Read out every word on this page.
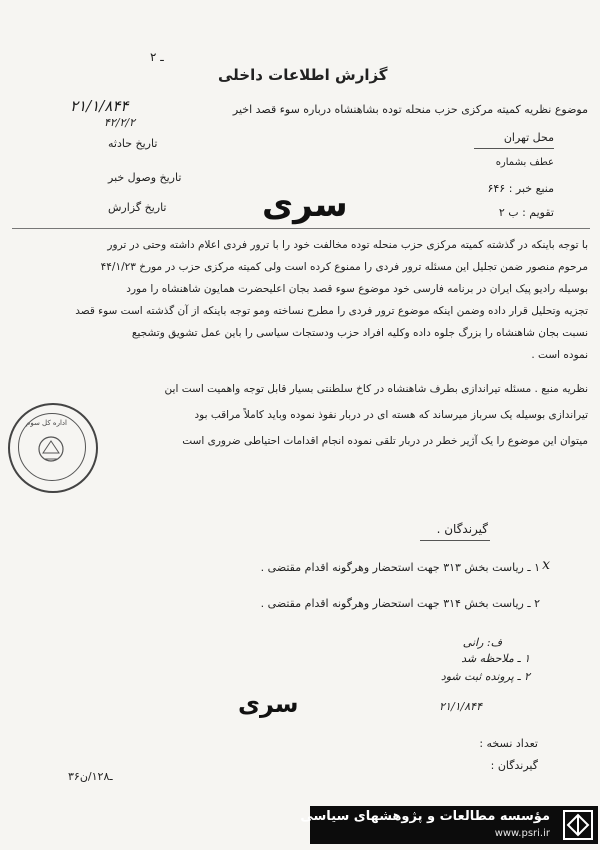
ـ ۲
گزارش اطلاعات داخلی
موضوع نظریه کمیته مرکزی حزب منحله توده بشاهنشاه درباره سوء قصد اخیر
۲۱/۱/۸۴۴
۴۲/۲/۲
تاریخ حادثه	محل تهران
عطف بشماره
تاریخ وصول خبر
منبع خبر : ۶۴۶
تاریخ گزارش	تقویم : ب ۲
سری
با توجه باینکه در گذشته کمیته مرکزی حزب منحله توده مخالفت خود را با ترور فردی اعلام داشته وحتی در ترور
مرحوم منصور ضمن تجلیل این مسئله ترور فردی را ممنوع کرده است ولی کمیته مرکزی حزب در مورخ ۴۴/۱/۲۳
بوسیله رادیو پیک ایران در برنامه فارسی خود موضوع سوء قصد بجان اعلیحضرت همایون شاهنشاه را مورد
تجزیه وتحلیل قرار داده وضمن اینکه موضوع ترور فردی را مطرح نساخته ومو توجه باینکه از آن گذشته است سوء قصد
نسبت بجان شاهنشاه را بزرگ جلوه داده وکلیه افراد حزب ودستجات سیاسی را باین عمل تشویق وتشجیع
نموده است .
نظریه منبع . مسئله تیراندازی بطرف شاهنشاه در کاخ سلطنتی بسیار قابل توجه واهمیت است این
تیراندازی بوسیله یک سرباز میرساند که هسته ای در دربار نفوذ نموده وباید کاملاً مراقب بود
میتوان این موضوع را یک آژیر خطر در دربار تلقی نموده انجام اقدامات احتیاطی ضروری است
اداره کل سوم
گیرندگان .
۱ ـ ریاست بخش ۳۱۳ جهت استحضار وهرگونه اقدام مقتضی . x
۲ ـ ریاست بخش ۳۱۴ جهت استحضار وهرگونه اقدام مقتضی .
ف: رانی
۱ ـ ملاحظه شد
۲ ـ پرونده ثبت شود
۲۱/۱/۸۴۴
سری
تعداد نسخه :
گیرندگان :
۳۶ـ۱۲۸/ن
مؤسسه مطالعات و پژوهشهای سیاسی
www.psri.ir
